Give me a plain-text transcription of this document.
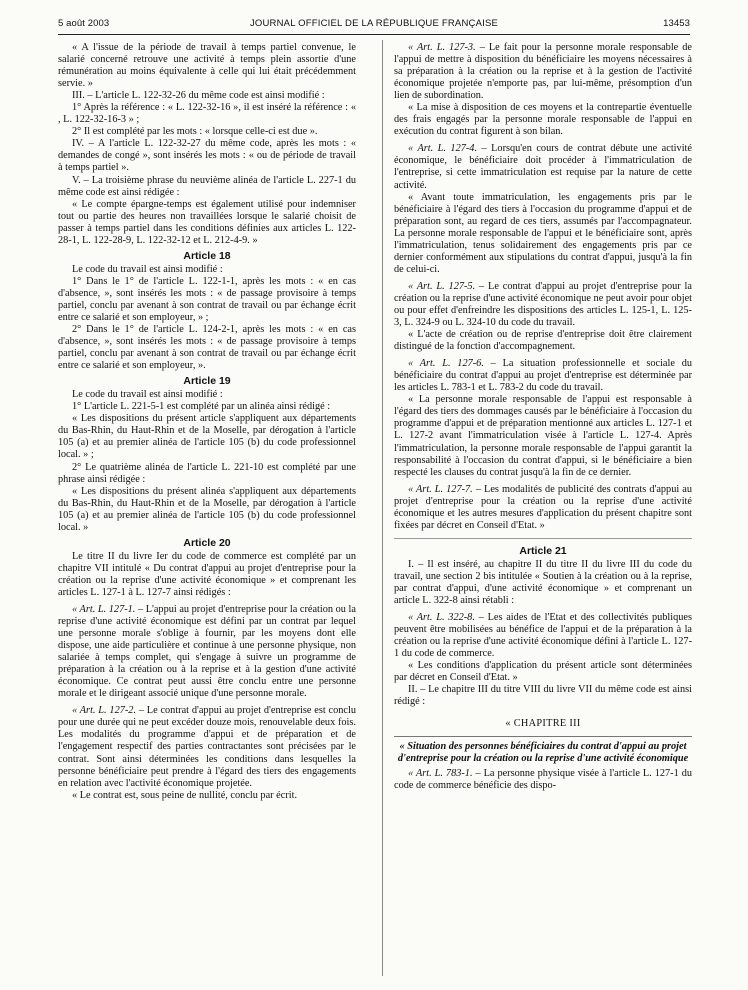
5 août 2003	JOURNAL OFFICIEL DE LA RÉPUBLIQUE FRANÇAISE	13453

« A l'issue de la période de travail à temps partiel convenue, le salarié concerné retrouve une activité à temps plein assortie d'une rémunération au moins équivalente à celle qui lui était précédemment servie. »

III. – L'article L. 122-32-26 du même code est ainsi modifié :

1° Après la référence : « L. 122-32-16 », il est inséré la référence : « , L. 122-32-16-3 » ;

2° Il est complété par les mots : « lorsque celle-ci est due ».

IV. – A l'article L. 122-32-27 du même code, après les mots : « demandes de congé », sont insérés les mots : « ou de période de travail à temps partiel ».

V. – La troisième phrase du neuvième alinéa de l'article L. 227-1 du même code est ainsi rédigée :

« Le compte épargne-temps est également utilisé pour indemniser tout ou partie des heures non travaillées lorsque le salarié choisit de passer à temps partiel dans les conditions définies aux articles L. 122-28-1, L. 122-28-9, L. 122-32-12 et L. 212-4-9. »

Article 18

Le code du travail est ainsi modifié :

1° Dans le 1° de l'article L. 122-1-1, après les mots : « en cas d'absence, », sont insérés les mots : « de passage provisoire à temps partiel, conclu par avenant à son contrat de travail ou par échange écrit entre ce salarié et son employeur, » ;

2° Dans le 1° de l'article L. 124-2-1, après les mots : « en cas d'absence, », sont insérés les mots : « de passage provisoire à temps partiel, conclu par avenant à son contrat de travail ou par échange écrit entre ce salarié et son employeur, ».

Article 19

Le code du travail est ainsi modifié :

1° L'article L. 221-5-1 est complété par un alinéa ainsi rédigé :

« Les dispositions du présent article s'appliquent aux départements du Bas-Rhin, du Haut-Rhin et de la Moselle, par dérogation à l'article 105 (a) et au premier alinéa de l'article 105 (b) du code professionnel local. » ;

2° Le quatrième alinéa de l'article L. 221-10 est complété par une phrase ainsi rédigée :

« Les dispositions du présent alinéa s'appliquent aux départements du Bas-Rhin, du Haut-Rhin et de la Moselle, par dérogation à l'article 105 (a) et au premier alinéa de l'article 105 (b) du code professionnel local. »

Article 20

Le titre II du livre Ier du code de commerce est complété par un chapitre VII intitulé « Du contrat d'appui au projet d'entreprise pour la création ou la reprise d'une activité économique » et comprenant les articles L. 127-1 à L. 127-7 ainsi rédigés :

« Art. L. 127-1. – L'appui au projet d'entreprise pour la création ou la reprise d'une activité économique est défini par un contrat par lequel une personne morale s'oblige à fournir, par les moyens dont elle dispose, une aide particulière et continue à une personne physique, non salariée à temps complet, qui s'engage à suivre un programme de préparation à la création ou à la reprise et à la gestion d'une activité économique. Ce contrat peut aussi être conclu entre une personne morale et le dirigeant associé unique d'une personne morale.

« Art. L. 127-2. – Le contrat d'appui au projet d'entreprise est conclu pour une durée qui ne peut excéder douze mois, renouvelable deux fois. Les modalités du programme d'appui et de préparation et de l'engagement respectif des parties contractantes sont précisées par le contrat. Sont ainsi déterminées les conditions dans lesquelles la personne bénéficiaire peut prendre à l'égard des tiers des engagements en relation avec l'activité économique projetée.

« Le contrat est, sous peine de nullité, conclu par écrit.

« Art. L. 127-3. – Le fait pour la personne morale responsable de l'appui de mettre à disposition du bénéficiaire les moyens nécessaires à sa préparation à la création ou la reprise et à la gestion de l'activité économique projetée n'emporte pas, par lui-même, présomption d'un lien de subordination.

« La mise à disposition de ces moyens et la contrepartie éventuelle des frais engagés par la personne morale responsable de l'appui en exécution du contrat figurent à son bilan.

« Art. L. 127-4. – Lorsqu'en cours de contrat débute une activité économique, le bénéficiaire doit procéder à l'immatriculation de l'entreprise, si cette immatriculation est requise par la nature de cette activité.

« Avant toute immatriculation, les engagements pris par le bénéficiaire à l'égard des tiers à l'occasion du programme d'appui et de préparation sont, au regard de ces tiers, assumés par l'accompagnateur. La personne morale responsable de l'appui et le bénéficiaire sont, après l'immatriculation, tenus solidairement des engagements pris par ce dernier conformément aux stipulations du contrat d'appui, jusqu'à la fin de celui-ci.

« Art. L. 127-5. – Le contrat d'appui au projet d'entreprise pour la création ou la reprise d'une activité économique ne peut avoir pour objet ou pour effet d'enfreindre les dispositions des articles L. 125-1, L. 125-3, L. 324-9 ou L. 324-10 du code du travail.

« L'acte de création ou de reprise d'entreprise doit être clairement distingué de la fonction d'accompagnement.

« Art. L. 127-6. – La situation professionnelle et sociale du bénéficiaire du contrat d'appui au projet d'entreprise est déterminée par les articles L. 783-1 et L. 783-2 du code du travail.

« La personne morale responsable de l'appui est responsable à l'égard des tiers des dommages causés par le bénéficiaire à l'occasion du programme d'appui et de préparation mentionné aux articles L. 127-1 et L. 127-2 avant l'immatriculation visée à l'article L. 127-4. Après l'immatriculation, la personne morale responsable de l'appui garantit la responsabilité à l'occasion du contrat d'appui, si le bénéficiaire a bien respecté les clauses du contrat jusqu'à la fin de ce dernier.

« Art. L. 127-7. – Les modalités de publicité des contrats d'appui au projet d'entreprise pour la création ou la reprise d'une activité économique et les autres mesures d'application du présent chapitre sont fixées par décret en Conseil d'Etat. »

Article 21

I. – Il est inséré, au chapitre II du titre II du livre III du code du travail, une section 2 bis intitulée « Soutien à la création ou à la reprise, par contrat d'appui, d'une activité économique » et comprenant un article L. 322-8 ainsi rétabli :

« Art. L. 322-8. – Les aides de l'Etat et des collectivités publiques peuvent être mobilisées au bénéfice de l'appui et de la préparation à la création ou la reprise d'une activité économique défini à l'article L. 127-1 du code de commerce.

« Les conditions d'application du présent article sont déterminées par décret en Conseil d'Etat. »

II. – Le chapitre III du titre VIII du livre VII du même code est ainsi rédigé :

« CHAPITRE III
« Situation des personnes bénéficiaires du contrat d'appui au projet d'entreprise pour la création ou la reprise d'une activité économique

« Art. L. 783-1. – La personne physique visée à l'article L. 127-1 du code de commerce bénéficie des dispo-
